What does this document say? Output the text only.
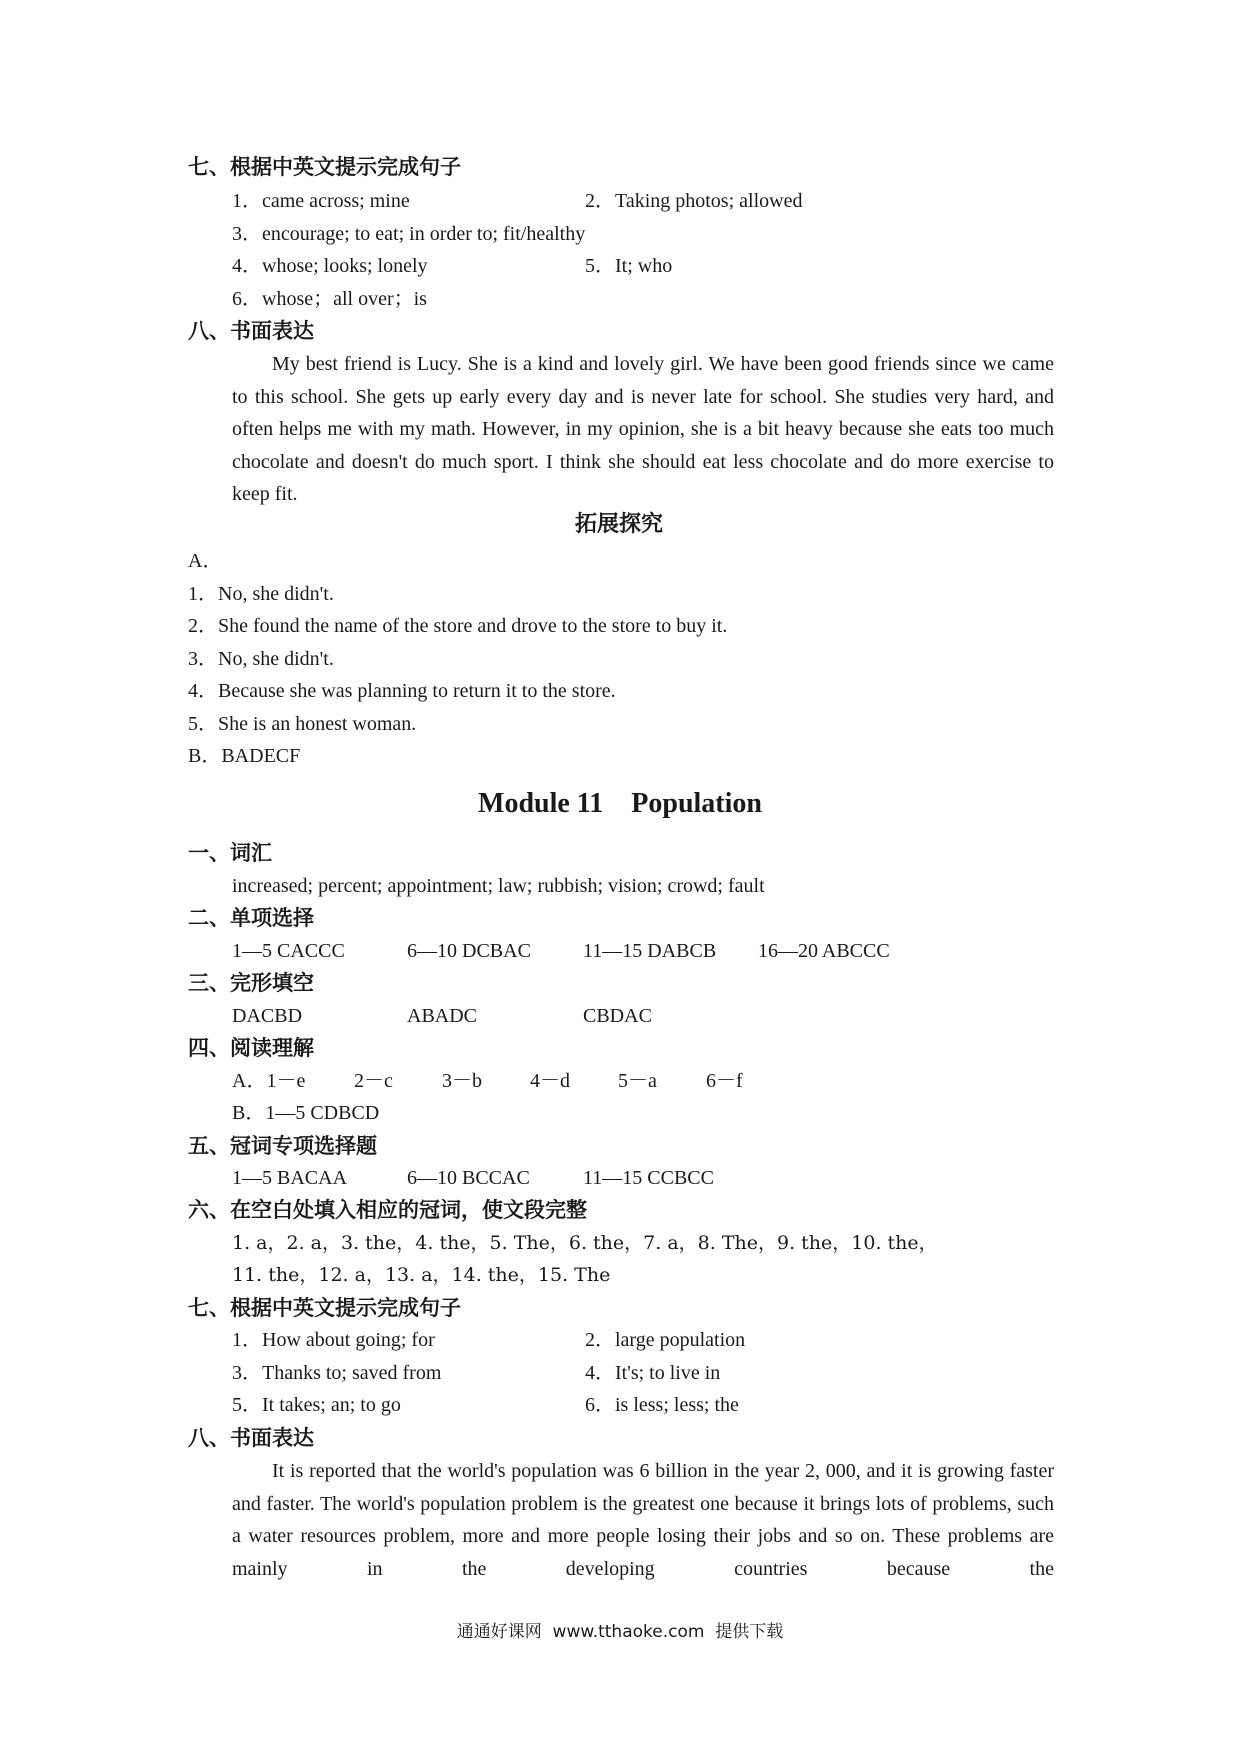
七、根据中英文提示完成句子
1．came across; mine	2．Taking photos; allowed
3．encourage; to eat; in order to; fit/healthy
4．whose; looks; lonely	5．It; who
6．whose；all over；is
八、书面表达
My best friend is Lucy. She is a kind and lovely girl. We have been good friends since we came to this school. She gets up early every day and is never late for school. She studies very hard, and often helps me with my math. However, in my opinion, she is a bit heavy because she eats too much chocolate and doesn't do much sport. I think she should eat less chocolate and do more exercise to keep fit.
拓展探究
A．
1．No, she didn't.
2．She found the name of the store and drove to the store to buy it.
3．No, she didn't.
4．Because she was planning to return it to the store.
5．She is an honest woman.
B．BADECF
Module 11    Population
一、词汇
increased; percent; appointment; law; rubbish; vision; crowd; fault
二、单项选择
1—5 CACCC	6—10 DCBAC	11—15 DABCB 16—20 ABCCC
三、完形填空
DACBD	ABADC	CBDAC
四、阅读理解
A．1－e 2－c 3－b 4－d 5－a 6－f
B．1—5 CDBCD
五、冠词专项选择题
1—5 BACAA	6—10 BCCAC	11—15 CCBCC
六、在空白处填入相应的冠词，使文段完整
1. a，2. a，3. the，4. the，5. The，6. the，7. a，8. The，9. the，10. the，
11. the，12. a，13. a，14. the，15. The
七、根据中英文提示完成句子
1．How about going; for	2．large population
3．Thanks to; saved from	4．It's; to live in
5．It takes; an; to go	6．is less; less; the
八、书面表达
It is reported that the world's population was 6 billion in the year 2, 000, and it is growing faster and faster. The world's population problem is the greatest one because it brings lots of problems, such a water resources problem, more and more people losing their jobs and so on. These problems are mainly in the developing countries because the
通通好课网  www.tthaoke.com  提供下载
